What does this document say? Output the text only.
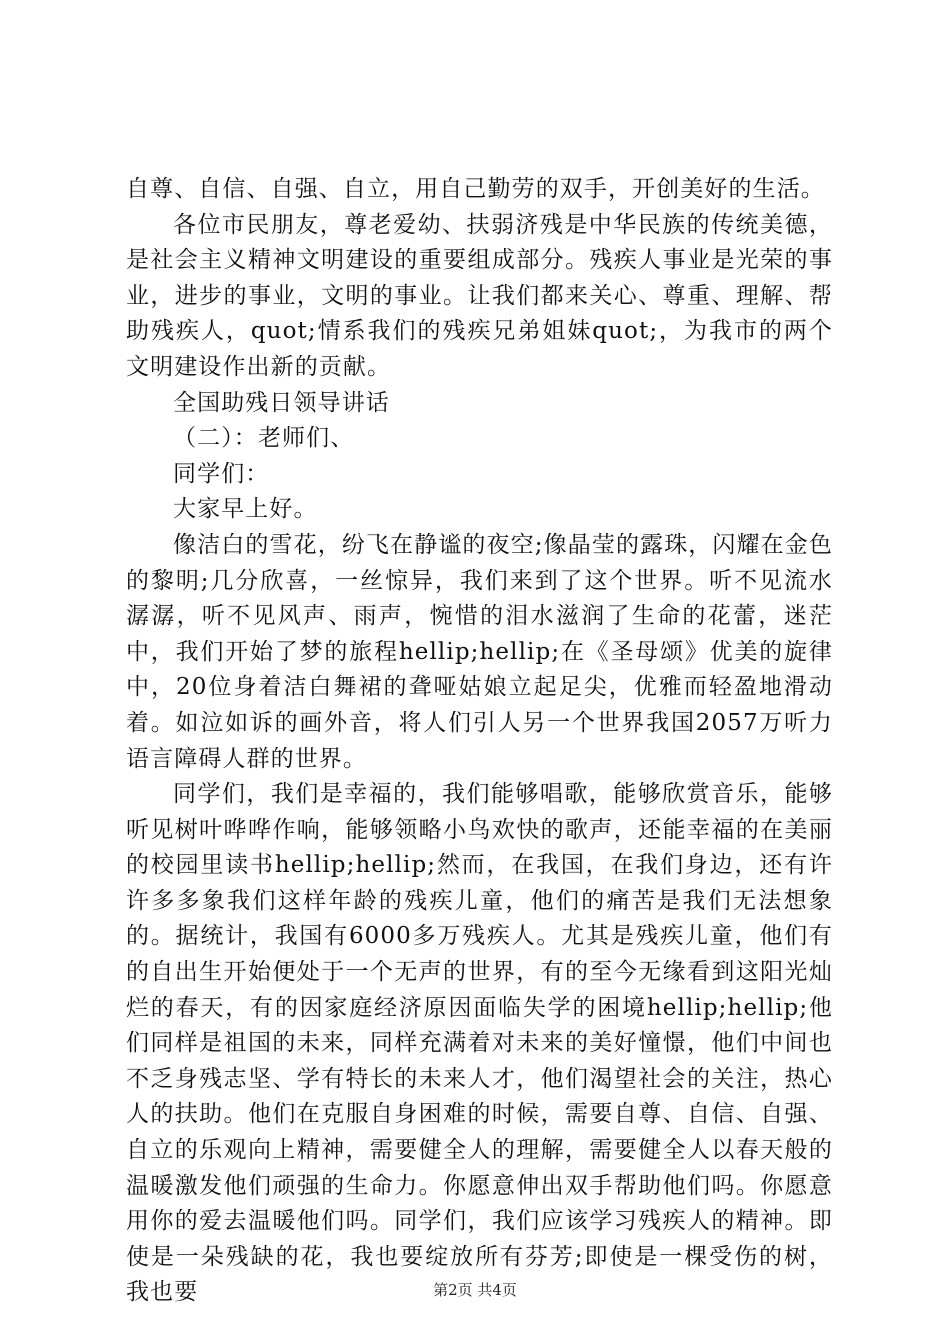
自尊、自信、自强、自立，用自己勤劳的双手，开创美好的生活。

各位市民朋友，尊老爱幼、扶弱济残是中华民族的传统美德，是社会主义精神文明建设的重要组成部分。残疾人事业是光荣的事业，进步的事业，文明的事业。让我们都来关心、尊重、理解、帮助残疾人，quot;情系我们的残疾兄弟姐妹quot;，为我市的两个文明建设作出新的贡献。

全国助残日领导讲话

（二）：老师们、

同学们：

大家早上好。

像洁白的雪花，纷飞在静谧的夜空;像晶莹的露珠，闪耀在金色的黎明;几分欣喜，一丝惊异，我们来到了这个世界。听不见流水潺潺，听不见风声、雨声，惋惜的泪水滋润了生命的花蕾，迷茫中，我们开始了梦的旅程hellip;hellip;在《圣母颂》优美的旋律中，20位身着洁白舞裙的聋哑姑娘立起足尖，优雅而轻盈地滑动着。如泣如诉的画外音，将人们引人另一个世界我国2057万听力语言障碍人群的世界。

同学们，我们是幸福的，我们能够唱歌，能够欣赏音乐，能够听见树叶哗哗作响，能够领略小鸟欢快的歌声，还能幸福的在美丽的校园里读书hellip;hellip;然而，在我国，在我们身边，还有许许多多象我们这样年龄的残疾儿童，他们的痛苦是我们无法想象的。据统计，我国有6000多万残疾人。尤其是残疾儿童，他们有的自出生开始便处于一个无声的世界，有的至今无缘看到这阳光灿烂的春天，有的因家庭经济原因面临失学的困境hellip;hellip;他们同样是祖国的未来，同样充满着对未来的美好憧憬，他们中间也不乏身残志坚、学有特长的未来人才，他们渴望社会的关注，热心人的扶助。他们在克服自身困难的时候，需要自尊、自信、自强、自立的乐观向上精神，需要健全人的理解，需要健全人以春天般的温暖激发他们顽强的生命力。你愿意伸出双手帮助他们吗。你愿意用你的爱去温暖他们吗。同学们，我们应该学习残疾人的精神。即使是一朵残缺的花，我也要绽放所有芬芳;即使是一棵受伤的树，我也要	第2页 共4页
